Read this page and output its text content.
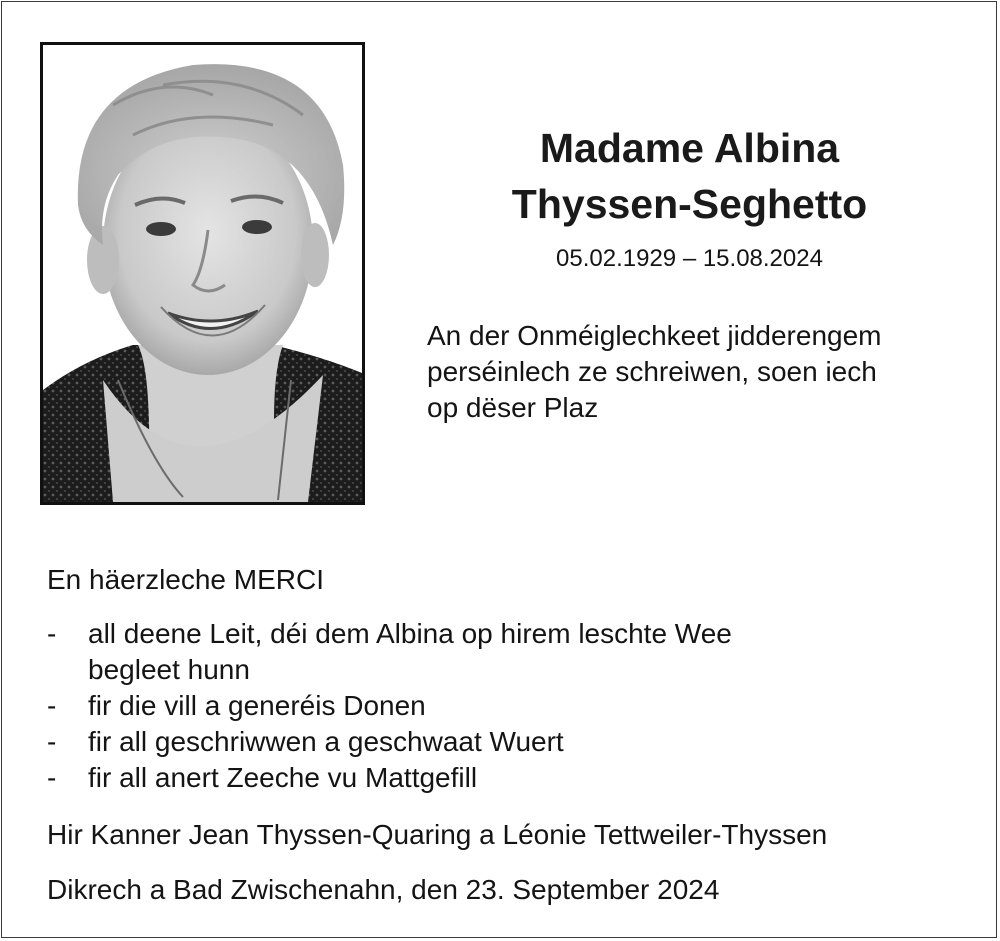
Madame Albina
Thyssen-Seghetto
05.02.1929 – 15.08.2024
An der Onméiglechkeet jidderengem
perséinlech ze schreiwen, soen iech
op dëser Plaz
En häerzleche MERCI
-	all deene Leit, déi dem Albina op hirem leschte Wee
begleet hunn
-	fir die vill a generéis Donen
-	fir all geschriwwen a geschwaat Wuert
-	fir all anert Zeeche vu Mattgefill
Hir Kanner Jean Thyssen-Quaring a Léonie Tettweiler-Thyssen
Dikrech a Bad Zwischenahn, den 23. September 2024
